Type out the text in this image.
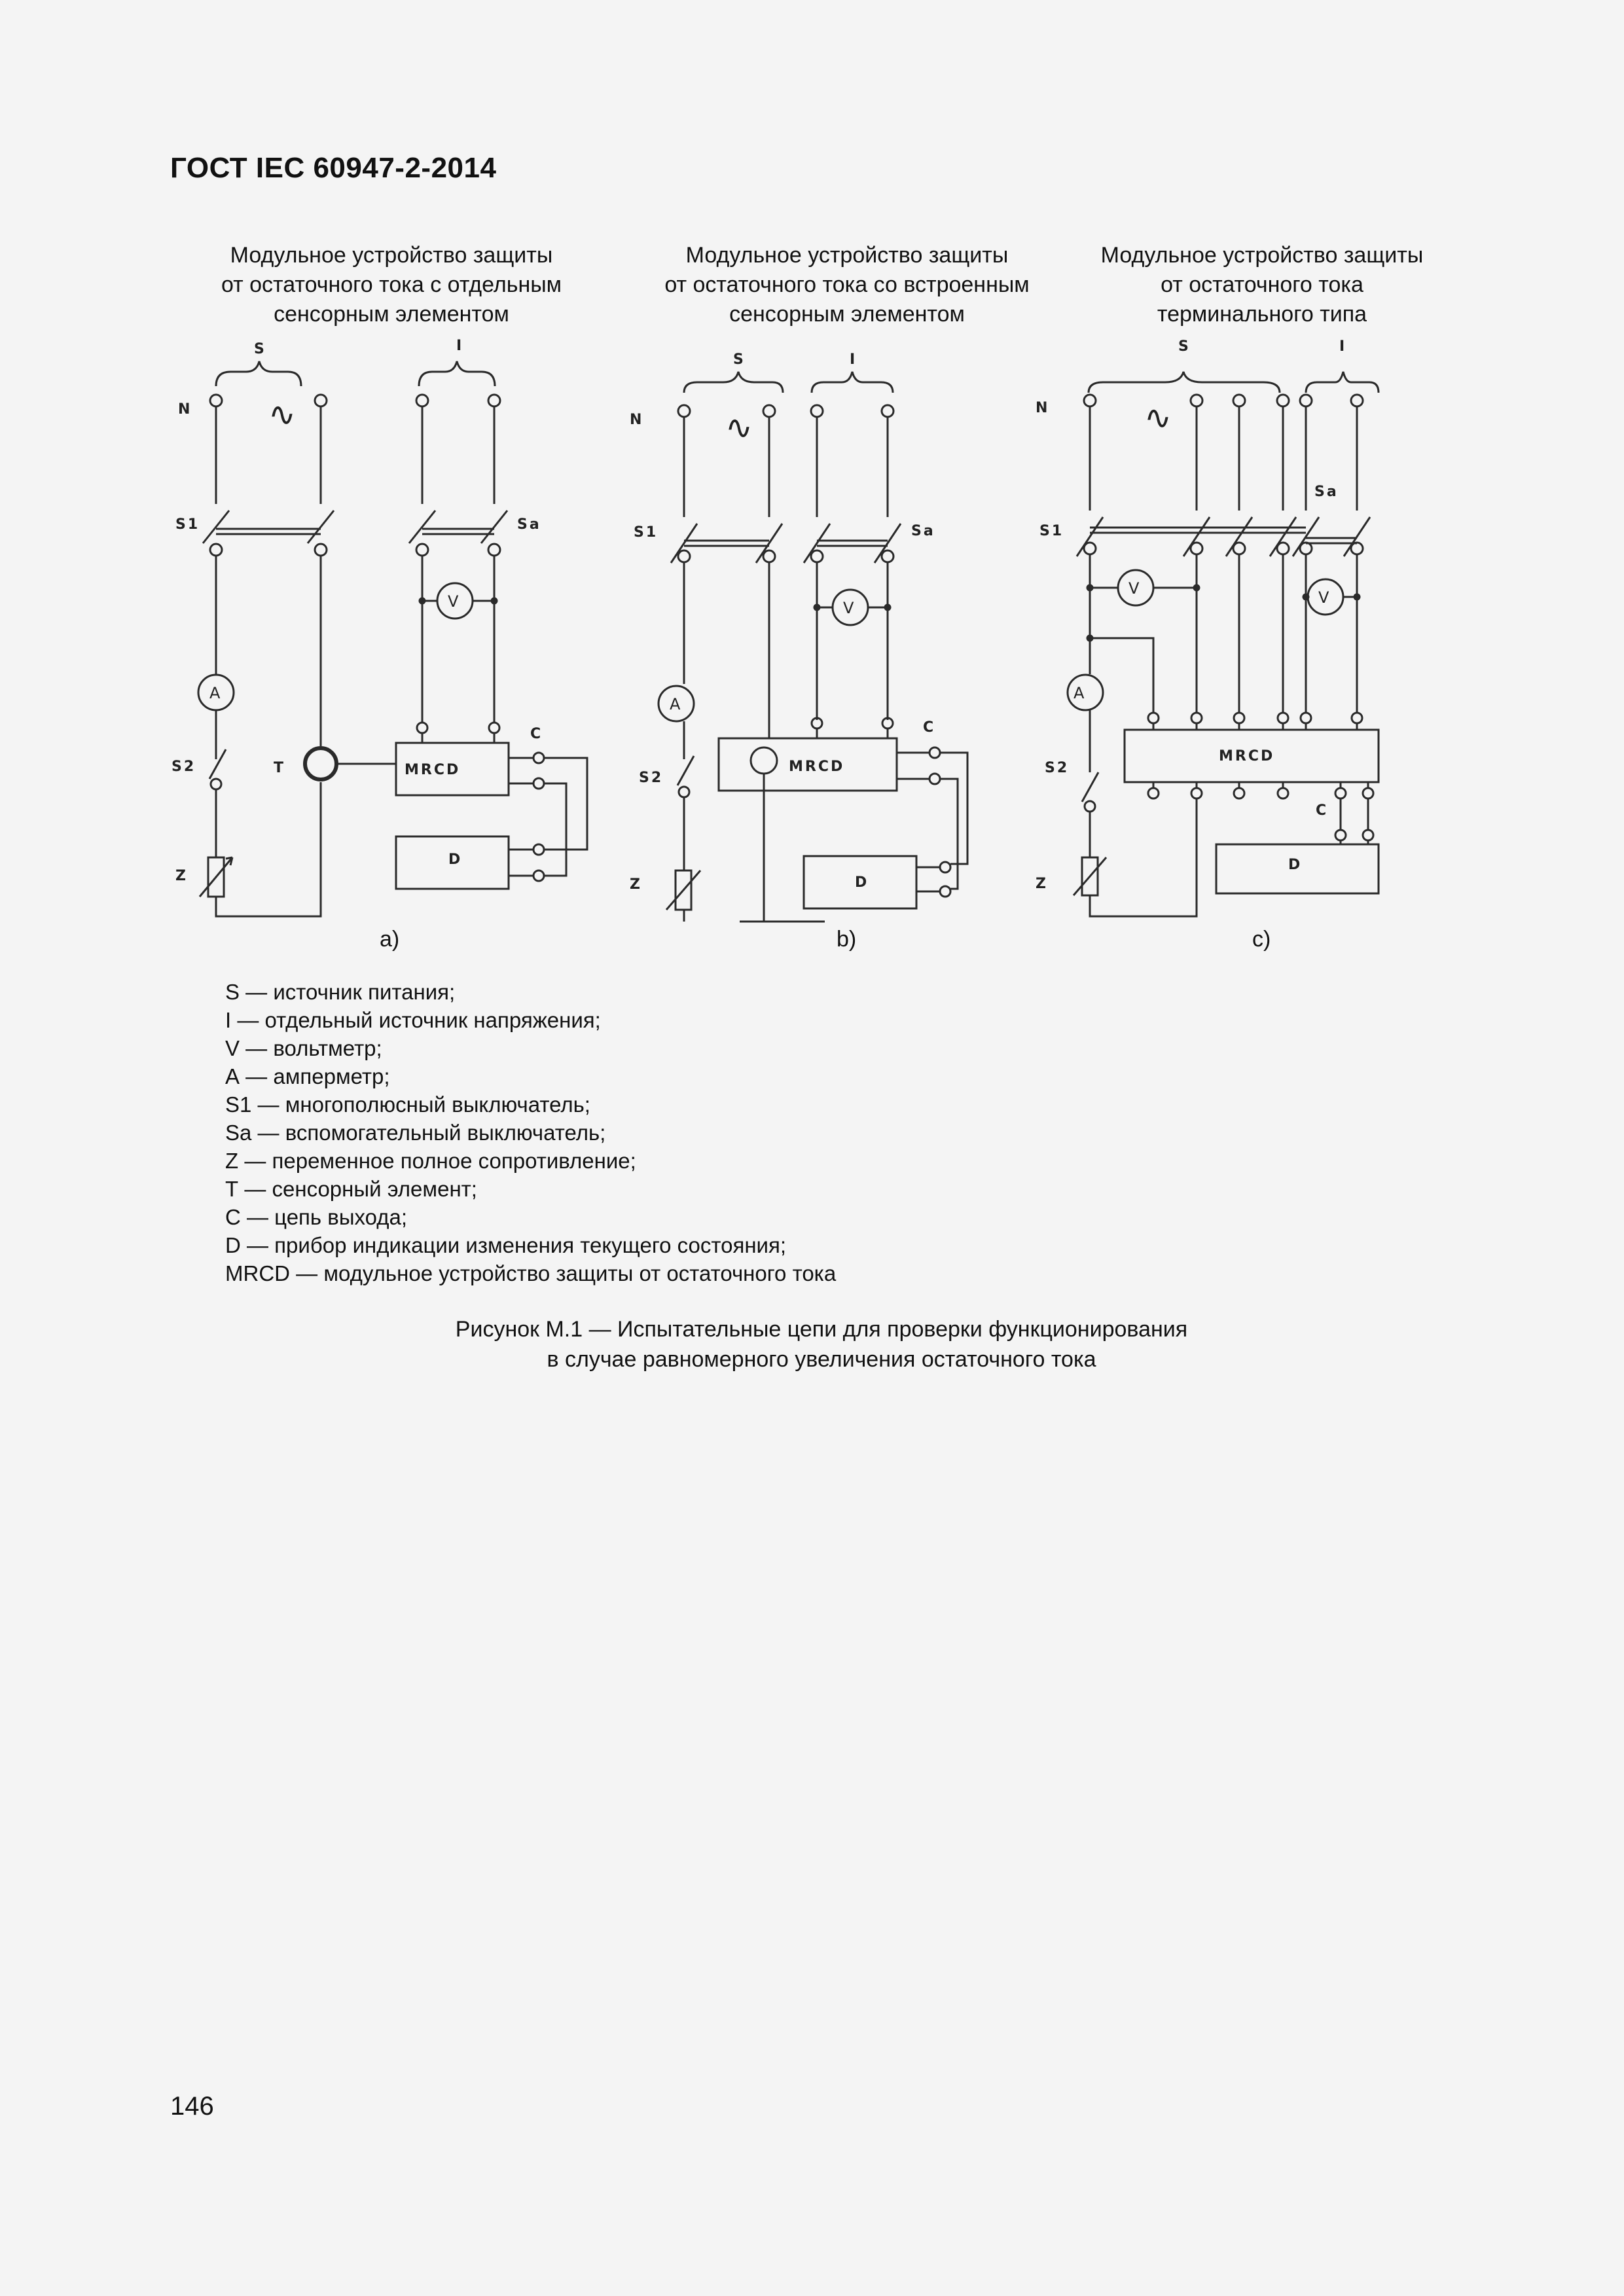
ГОСТ IEC 60947-2-2014
Модульное устройство защиты
от остаточного тока с отдельным
сенсорным элементом
Модульное устройство защиты
от остаточного тока со встроенным
сенсорным элементом
Модульное устройство защиты
от остаточного тока
терминального типа
S	I
N ∿
S1	Sa
A
V
S2	T
Z
C
MRCD
D
a)
S	I
N ∿
S1	Sa
A
V
S2
Z
C
MRCD
D
b)
S	I
N	∿
S1
Sa
A
V	V
S2
Z
C
MRCD
D
c)
S — источник питания;
I — отдельный источник напряжения;
V — вольтметр;
А — амперметр;
S1 — многополюсный выключатель;
Sa — вспомогательный выключатель;
Z — переменное полное сопротивление;
Т — сенсорный элемент;
С — цепь выхода;
D — прибор индикации изменения текущего состояния;
MRCD — модульное устройство защиты от остаточного тока
Рисунок М.1 — Испытательные цепи для проверки функционирования
в случае равномерного увеличения остаточного тока
146
